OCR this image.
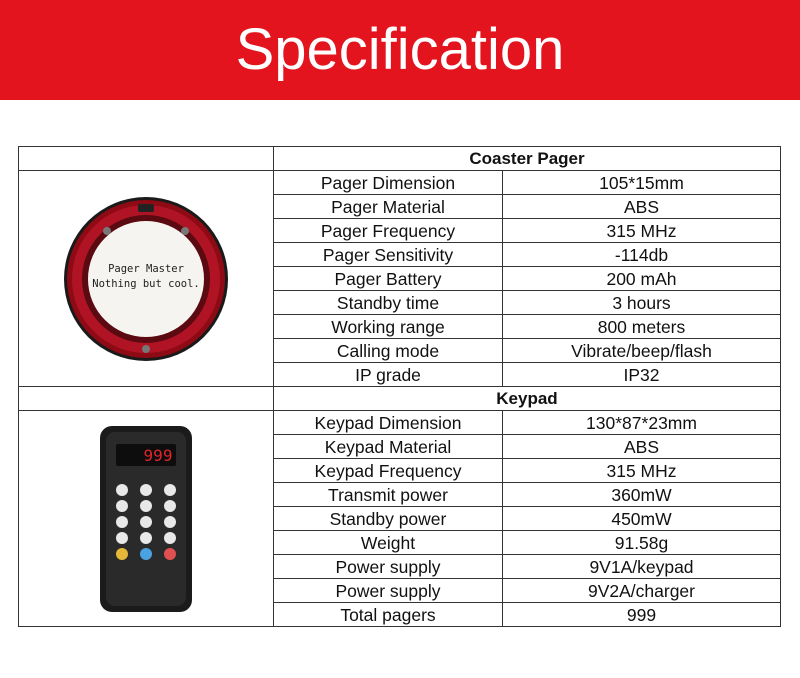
Specification
	Coaster Pager	

Pager Master
Nothing but cool.	Pager Dimension	105*15mm
	Pager Material	ABS
	Pager Frequency	315 MHz
	Pager Sensitivity	-114db
	Pager Battery	200 mAh
	Standby time	3 hours
	Working range	800 meters
	Calling mode	Vibrate/beep/flash
	IP grade	IP32
	Keypad	

999	Keypad Dimension	130*87*23mm
	Keypad Material	ABS
	Keypad Frequency	315 MHz
	Transmit power	360mW
	Standby power	450mW
	Weight	91.58g
	Power supply	9V1A/keypad
	Power supply	9V2A/charger
	Total pagers	999
